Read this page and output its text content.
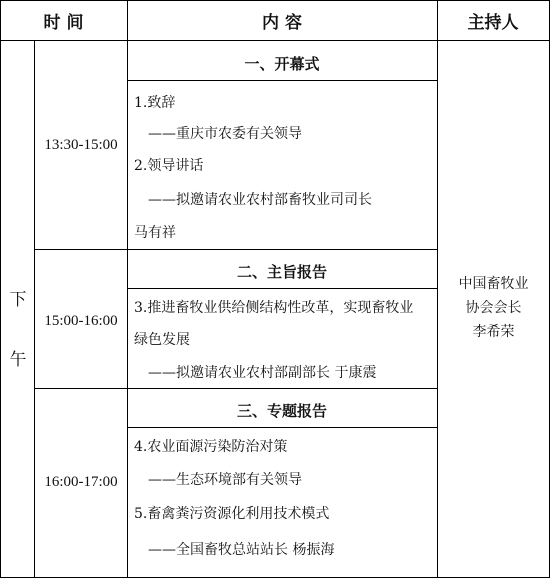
时 间	内 容	主持人
下
午
13:30-15:00
一、开幕式
1.致辞
——重庆市农委有关领导
2.领导讲话
——拟邀请农业农村部畜牧业司司长
马有祥
15:00-16:00
二、主旨报告
3.推进畜牧业供给侧结构性改革，实现畜牧业
绿色发展
——拟邀请农业农村部副部长 于康震
16:00-17:00
三、专题报告
4.农业面源污染防治对策
——生态环境部有关领导
5.畜禽粪污资源化利用技术模式
——全国畜牧总站站长 杨振海
中国畜牧业
协会会长
李希荣
